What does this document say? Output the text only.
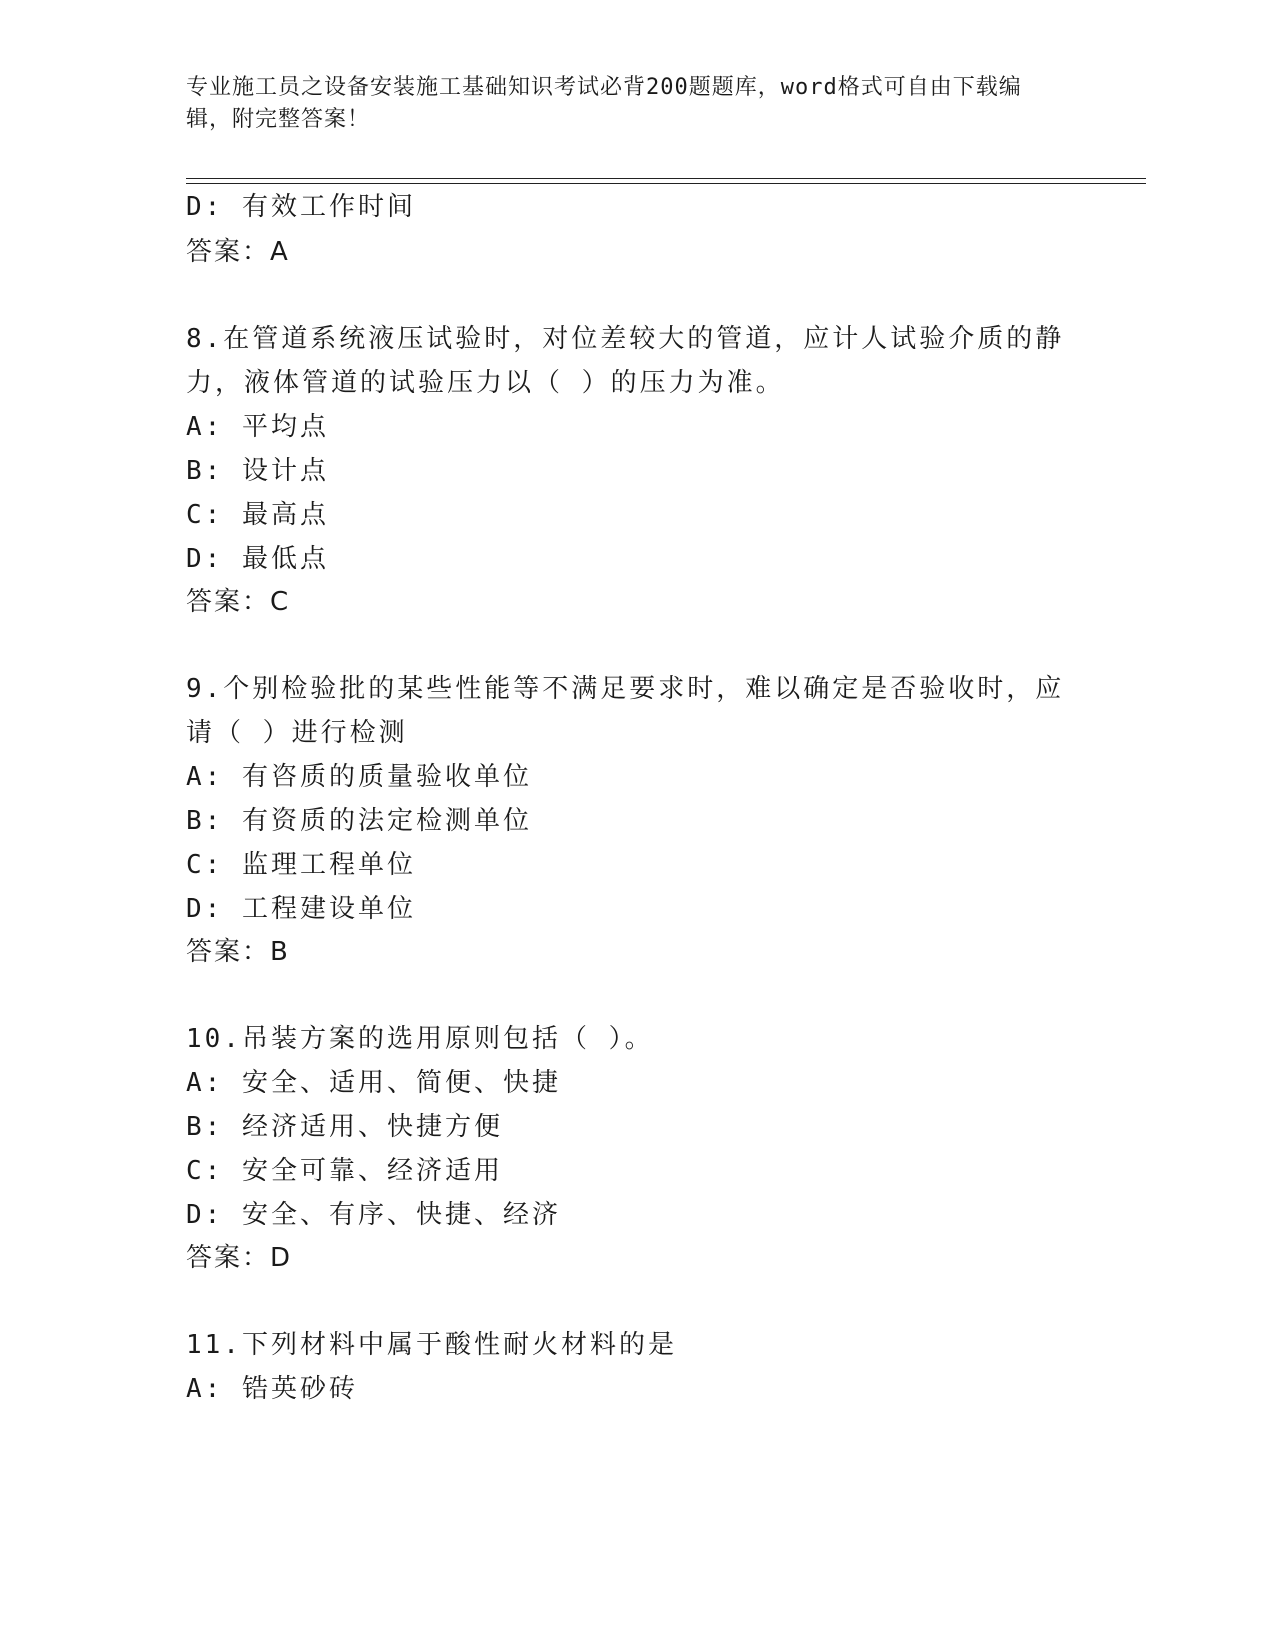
专业施工员之设备安装施工基础知识考试必背200题题库，word格式可自由下载编辑，附完整答案！
D: 有效工作时间
答案：A
8.在管道系统液压试验时，对位差较大的管道，应计人试验介质的静
力，液体管道的试验压力以（ ）的压力为准。
A: 平均点
B: 设计点
C: 最高点
D: 最低点
答案：C
9.个别检验批的某些性能等不满足要求时，难以确定是否验收时，应
请（ ）进行检测
A: 有咨质的质量验收单位
B: 有资质的法定检测单位
C: 监理工程单位
D: 工程建设单位
答案：B
10.吊装方案的选用原则包括（ ）。
A: 安全、适用、简便、快捷
B: 经济适用、快捷方便
C: 安全可靠、经济适用
D: 安全、有序、快捷、经济
答案：D
11.下列材料中属于酸性耐火材料的是
A: 锆英砂砖
